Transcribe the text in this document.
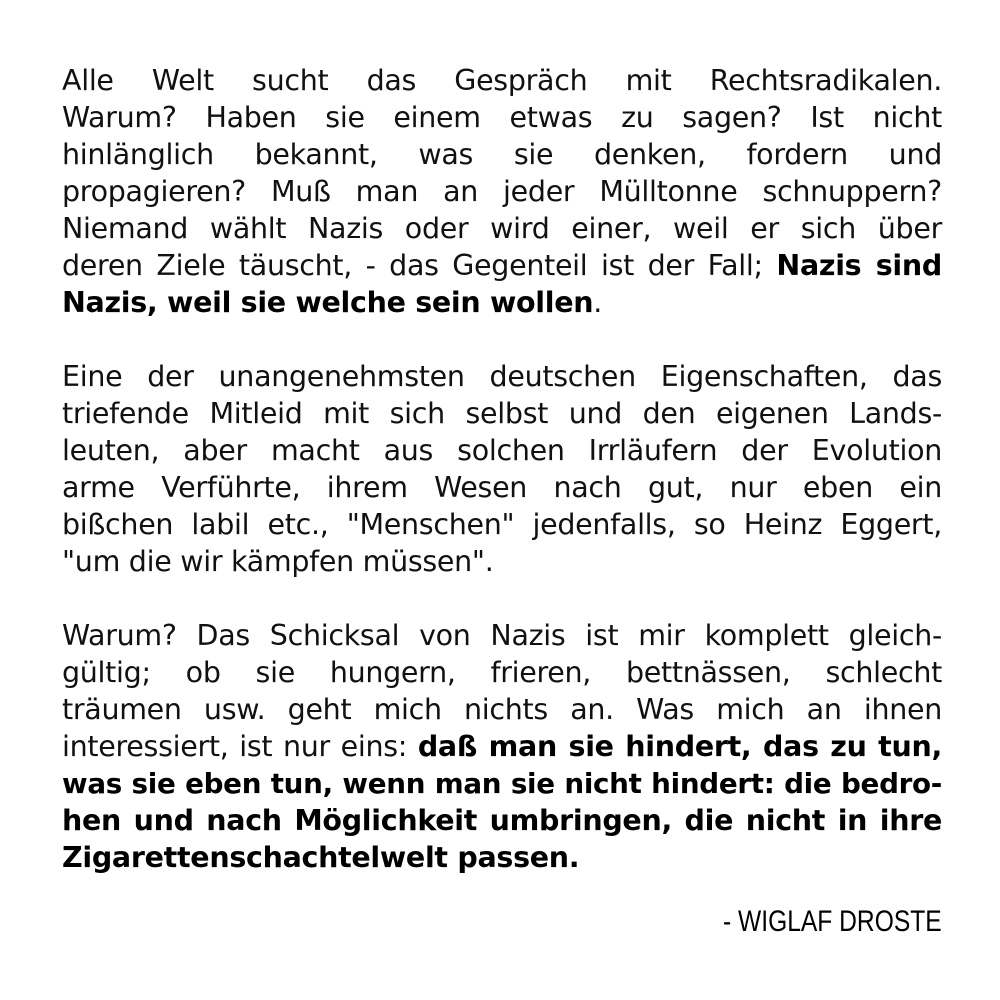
Alle Welt sucht das Gespräch mit Rechtsradikalen.
Warum? Haben sie einem etwas zu sagen? Ist nicht
hinlänglich bekannt, was sie denken, fordern und
propagieren? Muß man an jeder Mülltonne schnuppern?
Niemand wählt Nazis oder wird einer, weil er sich über
deren Ziele täuscht, - das Gegenteil ist der Fall; Nazis sind
Nazis, weil sie welche sein wollen.
Eine der unangenehmsten deutschen Eigenschaften, das
triefende Mitleid mit sich selbst und den eigenen Lands-
leuten, aber macht aus solchen Irrläufern der Evolution
arme Verführte, ihrem Wesen nach gut, nur eben ein
bißchen labil etc., "Menschen" jedenfalls, so Heinz Eggert,
"um die wir kämpfen müssen".
Warum? Das Schicksal von Nazis ist mir komplett gleich-
gültig; ob sie hungern, frieren, bettnässen, schlecht
träumen usw. geht mich nichts an. Was mich an ihnen
interessiert, ist nur eins: daß man sie hindert, das zu tun,
was sie eben tun, wenn man sie nicht hindert: die bedro-
hen und nach Möglichkeit umbringen, die nicht in ihre
Zigarettenschachtelwelt passen.
- WIGLAF DROSTE
